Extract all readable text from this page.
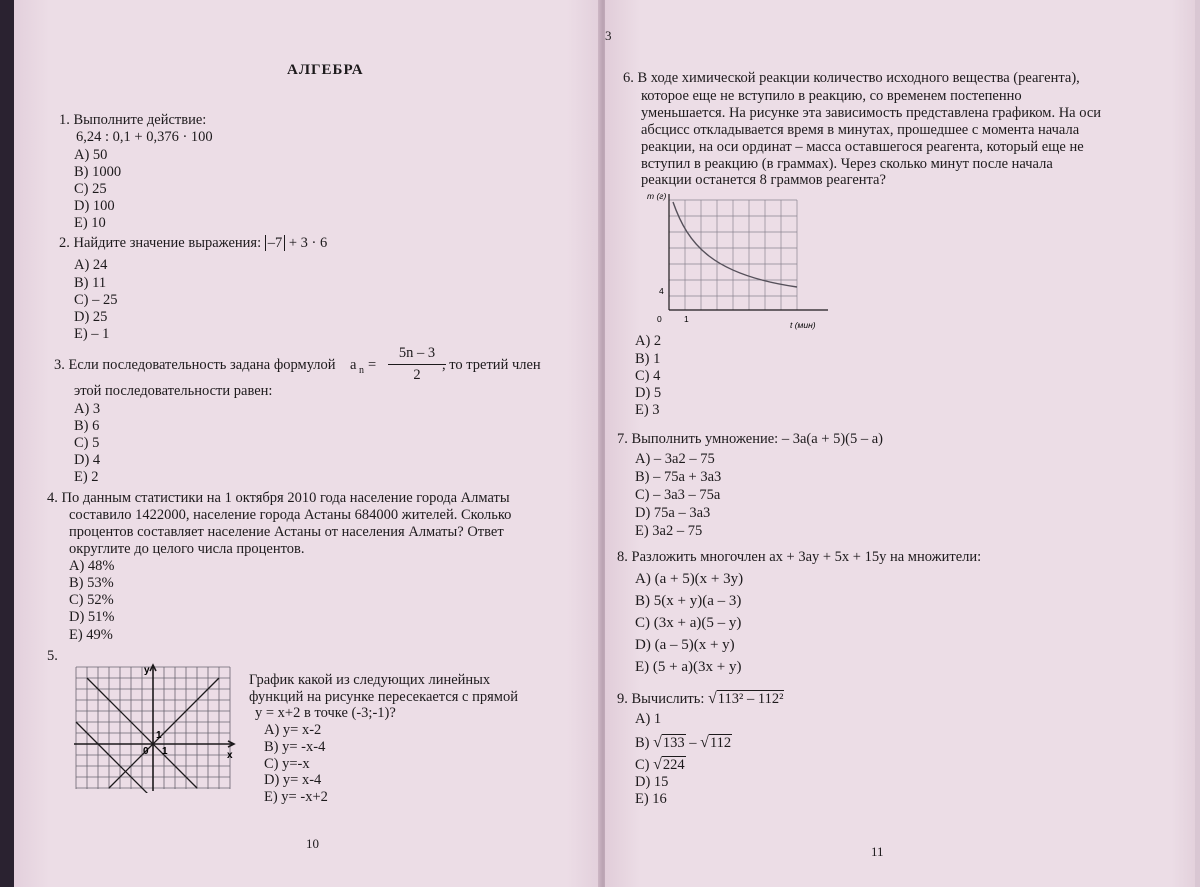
АЛГЕБРА
1. Выполните действие:
6,24 : 0,1 + 0,376 · 100
A) 50
B) 1000
C) 25
D) 100
E) 10
2. Найдите значение выражения: –7 + 3 · 6
A) 24
B) 11
C) – 25
D) 25
E) – 1
3. Если последовательность задана формулой a n =
5n – 3
2
, то третий член
этой последовательности равен:
A) 3
B) 6
C) 5
D) 4
E) 2
4. По данным статистики на 1 октября 2010 года население города Алматы
составило 1422000, население города Астаны 684000 жителей. Сколько
процентов составляет население Астаны от населения Алматы? Ответ
округлите до целого числа процентов.
A) 48%
B) 53%
C) 52%
D) 51%
E) 49%
5.
y
x
0 1
1
График какой из следующих линейных
функций на рисунке пересекается с прямой
y = x+2 в точке (-3;-1)?
A) y= x-2
B) y= -x-4
C) y=-x
D) y= x-4
E) y= -x+2
10
3
6. В ходе химической реакции количество исходного вещества (реагента),
которое еще не вступило в реакцию, со временем постепенно
уменьшается. На рисунке эта зависимость представлена графиком. На оси
абсцисс откладывается время в минутах, прошедшее с момента начала
реакции, на оси ординат – масса оставшегося реагента, который еще не
вступил в реакцию (в граммах). Через сколько минут после начала
реакции останется 8 граммов реагента?
m (г)
t (мин)
4
1
0
A) 2
B) 1
C) 4
D) 5
E) 3
7. Выполнить умножение: – 3a(a + 5)(5 – a)
A) – 3a2 – 75
B) – 75a + 3a3
C) – 3a3 – 75a
D) 75a – 3a3
E) 3a2 – 75
8. Разложить многочлен ax + 3ay + 5x + 15y на множители:
A) (a + 5)(x + 3y)
B) 5(x + y)(a – 3)
C) (3x + a)(5 – y)
D) (a – 5)(x + y)
E) (5 + a)(3x + y)
9. Вычислить: √113² – 112²
A) 1
B) √133 – √112
C) √224
D) 15
E) 16
11
